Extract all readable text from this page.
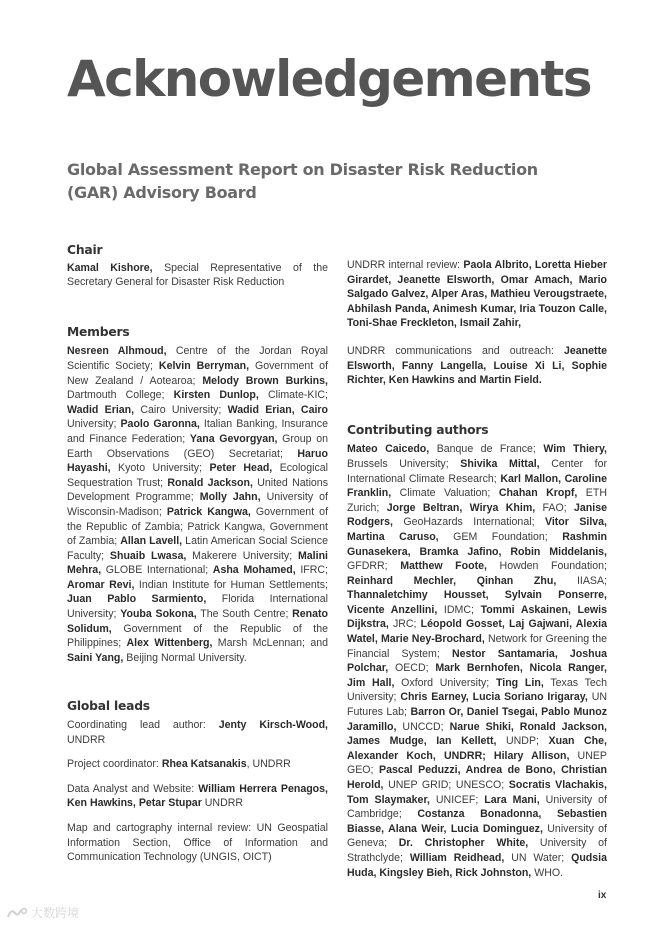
Acknowledgements
Global Assessment Report on Disaster Risk Reduction (GAR) Advisory Board
Chair

Kamal Kishore, Special Representative of the Secretary General for Disaster Risk Reduction

Members

Nesreen Alhmoud, Centre of the Jordan Royal Scientific Society; Kelvin Berryman, Government of New Zealand / Aotearoa; Melody Brown Burkins, Dartmouth College; Kirsten Dunlop, Climate-KIC; Wadid Erian, Cairo University; Wadid Erian, Cairo University; Paolo Garonna, Italian Banking, Insurance and Finance Federation; Yana Gevorgyan, Group on Earth Observations (GEO) Secretariat; Haruo Hayashi, Kyoto University; Peter Head, Ecological Sequestration Trust; Ronald Jackson, United Nations Development Programme; Molly Jahn, University of Wisconsin-Madison; Patrick Kangwa, Government of the Republic of Zambia; Patrick Kangwa, Government of Zambia; Allan Lavell, Latin American Social Science Faculty; Shuaib Lwasa, Makerere University; Malini Mehra, GLOBE International; Asha Mohamed, IFRC; Aromar Revi, Indian Institute for Human Settlements; Juan Pablo Sarmiento, Florida International University; Youba Sokona, The South Centre; Renato Solidum, Government of the Republic of the Philippines; Alex Wittenberg, Marsh McLennan; and Saini Yang, Beijing Normal University.

Global leads

Coordinating lead author: Jenty Kirsch-Wood, UNDRR

Project coordinator: Rhea Katsanakis, UNDRR

Data Analyst and Website: William Herrera Penagos, Ken Hawkins, Petar Stupar UNDRR

Map and cartography internal review: UN Geospatial Information Section, Office of Information and Communication Technology (UNGIS, OICT)

UNDRR internal review: Paola Albrito, Loretta Hieber Girardet, Jeanette Elsworth, Omar Amach, Mario Salgado Galvez, Alper Aras, Mathieu Verougstraete, Abhilash Panda, Animesh Kumar, Iria Touzon Calle, Toni-Shae Freckleton, Ismail Zahir,

UNDRR communications and outreach: Jeanette Elsworth, Fanny Langella, Louise Xi Li, Sophie Richter, Ken Hawkins and Martin Field.

Contributing authors

Mateo Caicedo, Banque de France; Wim Thiery, Brussels University; Shivika Mittal, Center for International Climate Research; Karl Mallon, Caroline Franklin, Climate Valuation; Chahan Kropf, ETH Zurich; Jorge Beltran, Wirya Khim, FAO; Janise Rodgers, GeoHazards International; Vitor Silva, Martina Caruso, GEM Foundation; Rashmin Gunasekera, Bramka Jafino, Robin Middelanis, GFDRR; Matthew Foote, Howden Foundation; Reinhard Mechler, Qinhan Zhu, IIASA; Thannaletchimy Housset, Sylvain Ponserre, Vicente Anzellini, IDMC; Tommi Askainen, Lewis Dijkstra, JRC; Léopold Gosset, Laj Gajwani, Alexia Watel, Marie Ney-Brochard, Network for Greening the Financial System; Nestor Santamaria, Joshua Polchar, OECD; Mark Bernhofen, Nicola Ranger, Jim Hall, Oxford University; Ting Lin, Texas Tech University; Chris Earney, Lucia Soriano Irigaray, UN Futures Lab; Barron Or, Daniel Tsegai, Pablo Munoz Jaramillo, UNCCD; Narue Shiki, Ronald Jackson, James Mudge, Ian Kellett, UNDP; Xuan Che, Alexander Koch, UNDRR; Hilary Allison, UNEP GEO; Pascal Peduzzi, Andrea de Bono, Christian Herold, UNEP GRID; UNESCO; Socratis Vlachakis, Tom Slaymaker, UNICEF; Lara Mani, University of Cambridge; Costanza Bonadonna, Sebastien Biasse, Alana Weir, Lucia Dominguez, University of Geneva; Dr. Christopher White, University of Strathclyde; William Reidhead, UN Water; Qudsia Huda, Kingsley Bieh, Rick Johnston, WHO.

ix
大数跨境
